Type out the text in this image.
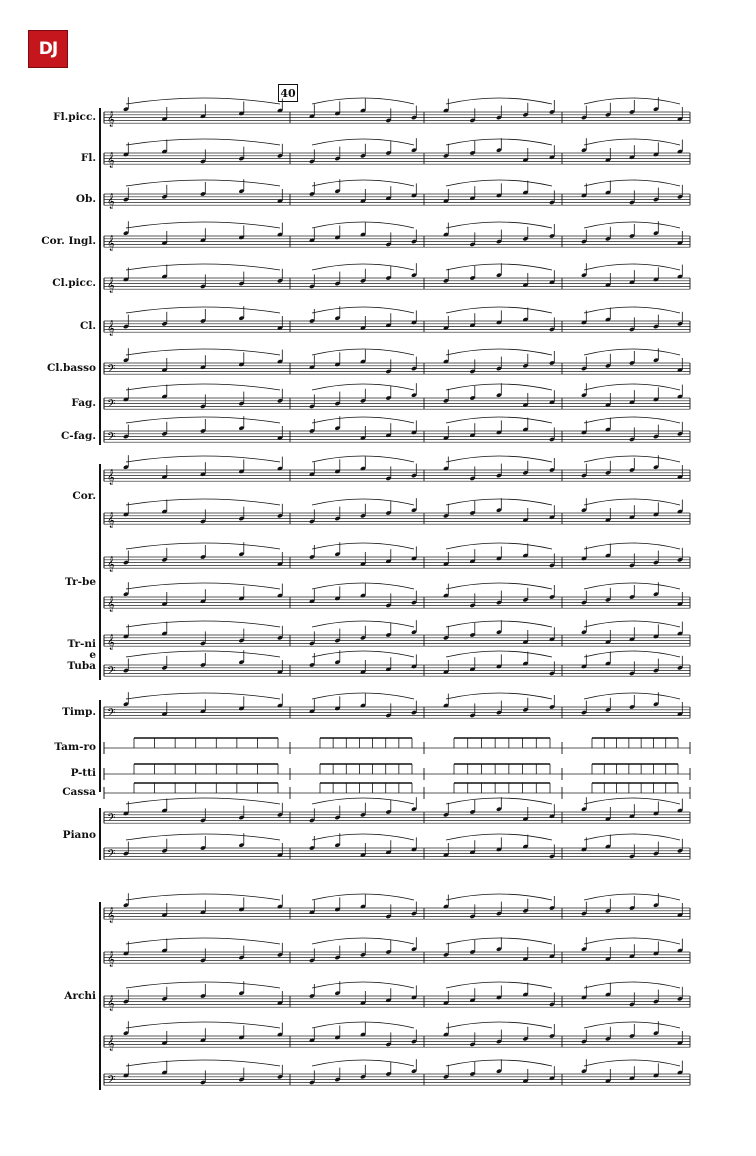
DJ
40
Fl.picc.
Fl.
Ob.
Cor. Ingl.
Cl.picc.
Cl.
Cl.basso
Fag.
C-fag.
Cor.
Tr-be
Tr-ni
e
Tuba
Timp.
Tam-ro
P-tti
Cassa
Piano
Archi
𝄞
𝄞
𝄞
𝄞
𝄞
𝄞
𝄢
𝄢
𝄢
𝄞
𝄞
𝄞
𝄞
𝄞
𝄢
𝄢
𝄢
𝄢
𝄞
𝄞
𝄞
𝄞
𝄢
